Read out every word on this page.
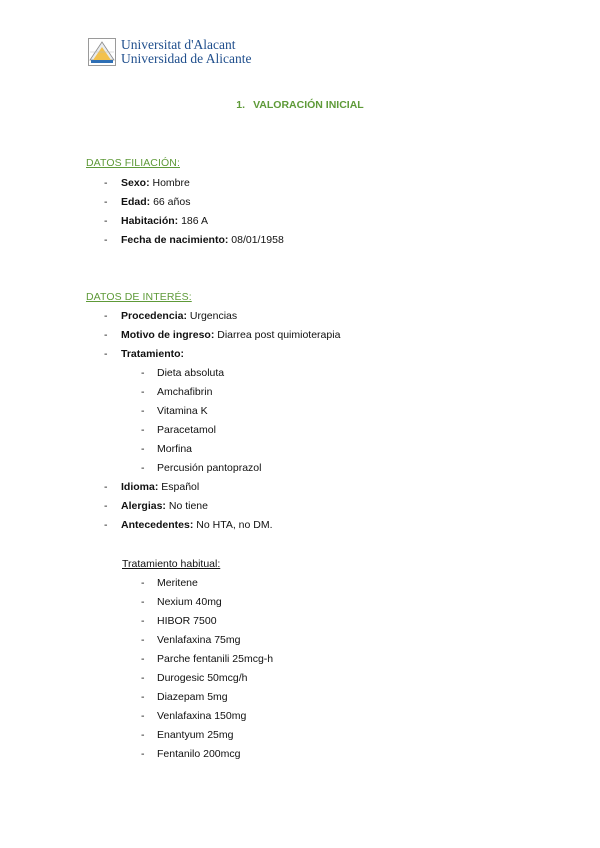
Universitat d'Alacant
Universidad de Alicante
1. VALORACIÓN INICIAL
DATOS FILIACIÓN:
- Sexo: Hombre
- Edad: 66 años
- Habitación: 186 A
- Fecha de nacimiento: 08/01/1958
DATOS DE INTERÉS:
- Procedencia: Urgencias
- Motivo de ingreso: Diarrea post quimioterapia
- Tratamiento:
- Dieta absoluta
- Amchafibrin
- Vitamina K
- Paracetamol
- Morfina
- Percusión pantoprazol
- Idioma: Español
- Alergias: No tiene
- Antecedentes: No HTA, no DM.
Tratamiento habitual:
- Meritene
- Nexium 40mg
- HIBOR 7500
- Venlafaxina 75mg
- Parche fentanili 25mcg-h
- Durogesic 50mcg/h
- Diazepam 5mg
- Venlafaxina 150mg
- Enantyum 25mg
- Fentanilo 200mcg
